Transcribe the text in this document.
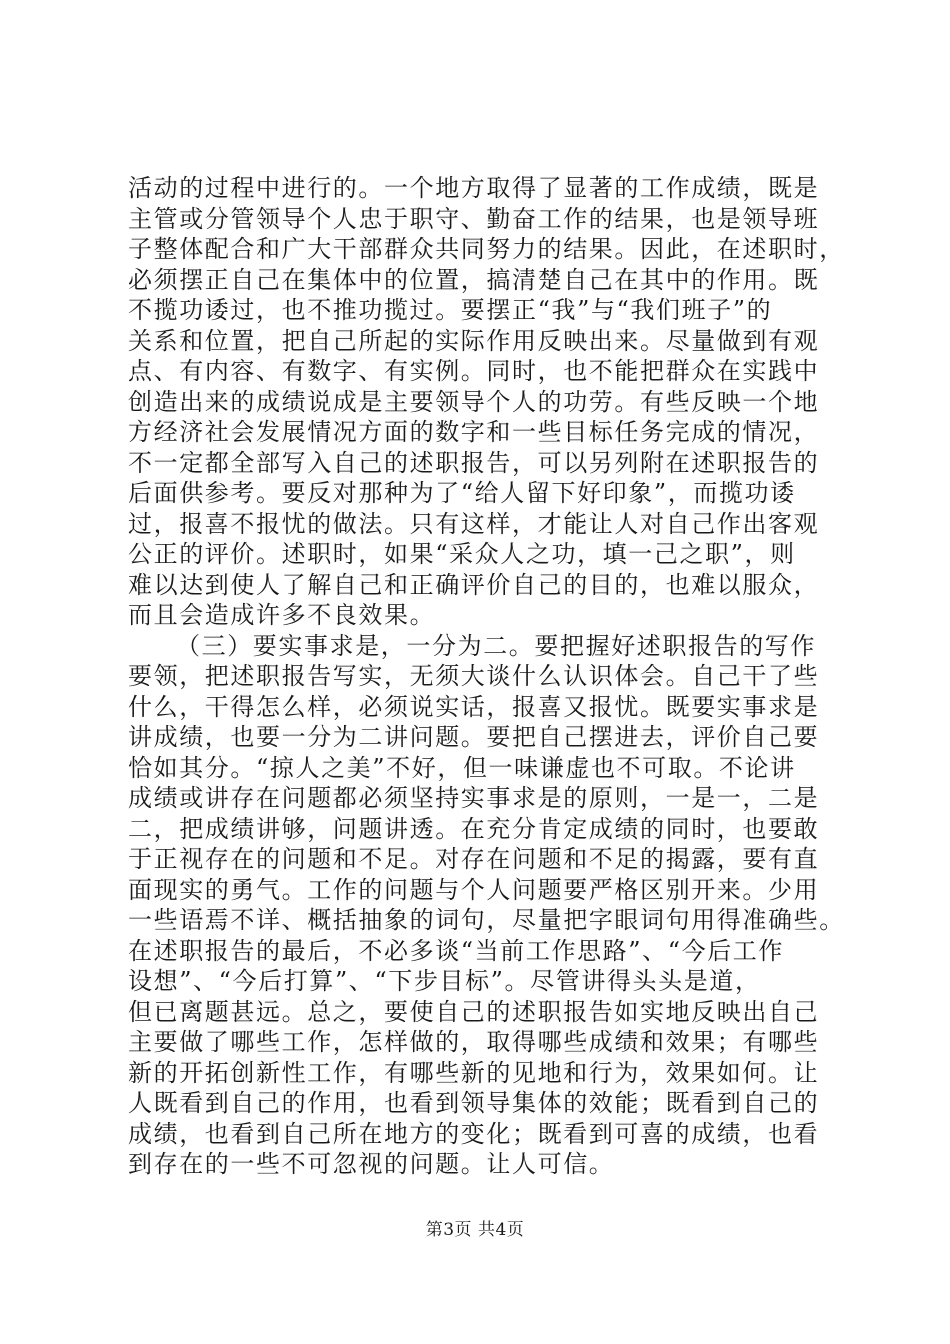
活动的过程中进行的。一个地方取得了显著的工作成绩，既是
主管或分管领导个人忠于职守、勤奋工作的结果，也是领导班
子整体配合和广大干部群众共同努力的结果。因此，在述职时，
必须摆正自己在集体中的位置，搞清楚自己在其中的作用。既
不揽功诿过，也不推功揽过。要摆正“我”与“我们班子”的
关系和位置，把自己所起的实际作用反映出来。尽量做到有观
点、有内容、有数字、有实例。同时，也不能把群众在实践中
创造出来的成绩说成是主要领导个人的功劳。有些反映一个地
方经济社会发展情况方面的数字和一些目标任务完成的情况，
不一定都全部写入自己的述职报告，可以另列附在述职报告的
后面供参考。要反对那种为了“给人留下好印象”，而揽功诿
过，报喜不报忧的做法。只有这样，才能让人对自己作出客观
公正的评价。述职时，如果“采众人之功，填一己之职”，则
难以达到使人了解自己和正确评价自己的目的，也难以服众，
而且会造成许多不良效果。
（三）要实事求是，一分为二。要把握好述职报告的写作
要领，把述职报告写实，无须大谈什么认识体会。自己干了些
什么，干得怎么样，必须说实话，报喜又报忧。既要实事求是
讲成绩，也要一分为二讲问题。要把自己摆进去，评价自己要
恰如其分。“掠人之美”不好，但一味谦虚也不可取。不论讲
成绩或讲存在问题都必须坚持实事求是的原则，一是一，二是
二，把成绩讲够，问题讲透。在充分肯定成绩的同时，也要敢
于正视存在的问题和不足。对存在问题和不足的揭露，要有直
面现实的勇气。工作的问题与个人问题要严格区别开来。少用
一些语焉不详、概括抽象的词句，尽量把字眼词句用得准确些。
在述职报告的最后，不必多谈“当前工作思路”、“今后工作
设想”、“今后打算”、“下步目标”。尽管讲得头头是道，
但已离题甚远。总之，要使自己的述职报告如实地反映出自己
主要做了哪些工作，怎样做的，取得哪些成绩和效果；有哪些
新的开拓创新性工作，有哪些新的见地和行为，效果如何。让
人既看到自己的作用，也看到领导集体的效能；既看到自己的
成绩，也看到自己所在地方的变化；既看到可喜的成绩，也看
到存在的一些不可忽视的问题。让人可信。
第3页 共4页
